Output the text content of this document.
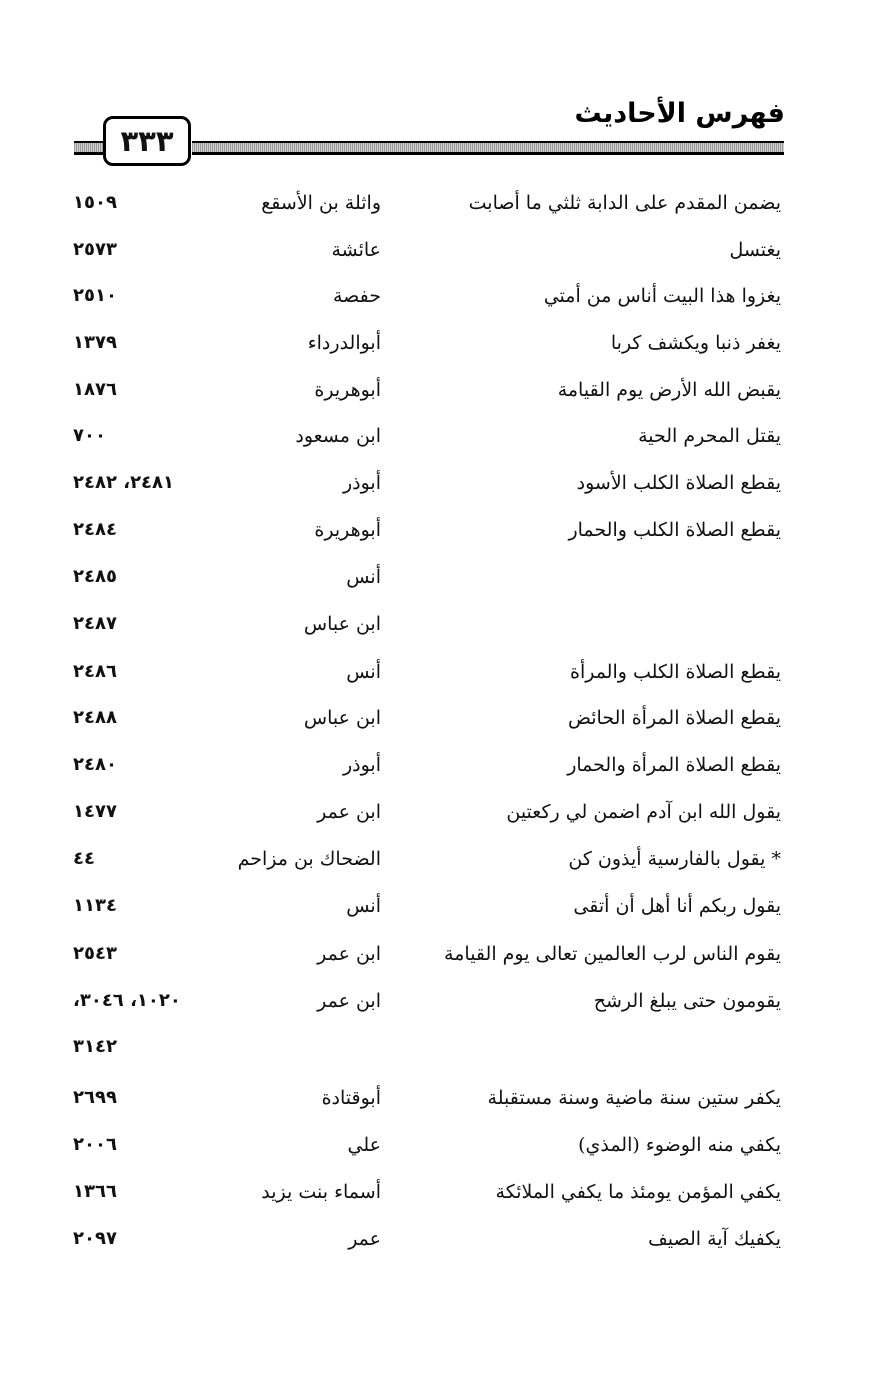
فهرس الأحاديث
٣٣٣
يضمن المقدم على الدابة ثلثي ما أصابت
واثلة بن الأسقع
١٥٠٩
يغتسل
عائشة
٢٥٧٣
يغزوا هذا البيت أناس من أمتي
حفصة
٢٥١٠
يغفر ذنبا ويكشف كربا
أبوالدرداء
١٣٧٩
يقبض الله الأرض يوم القيامة
أبوهريرة
١٨٧٦
يقتل المحرم الحية
ابن مسعود
٧٠٠
يقطع الصلاة الكلب الأسود
أبوذر
٢٤٨١، ٢٤٨٢
يقطع الصلاة الكلب والحمار
أبوهريرة
٢٤٨٤
أنس
٢٤٨٥
ابن عباس
٢٤٨٧
يقطع الصلاة الكلب والمرأة
أنس
٢٤٨٦
يقطع الصلاة المرأة الحائض
ابن عباس
٢٤٨٨
يقطع الصلاة المرأة والحمار
أبوذر
٢٤٨٠
يقول الله ابن آدم اضمن لي ركعتين
ابن عمر
١٤٧٧
* يقول بالفارسية أيذون كن
الضحاك بن مزاحم
٤٤
يقول ربكم أنا أهل أن أتقى
أنس
١١٣٤
يقوم الناس لرب العالمين تعالى يوم القيامة
ابن عمر
٢٥٤٣
يقومون حتى يبلغ الرشح
ابن عمر
١٠٢٠، ٣٠٤٦،
٣١٤٢
يكفر ستين سنة ماضية وسنة مستقبلة
أبوقتادة
٢٦٩٩
يكفي منه الوضوء (المذي)
علي
٢٠٠٦
يكفي المؤمن يومئذ ما يكفي الملائكة
أسماء بنت يزيد
١٣٦٦
يكفيك آية الصيف
عمر
٢٠٩٧
